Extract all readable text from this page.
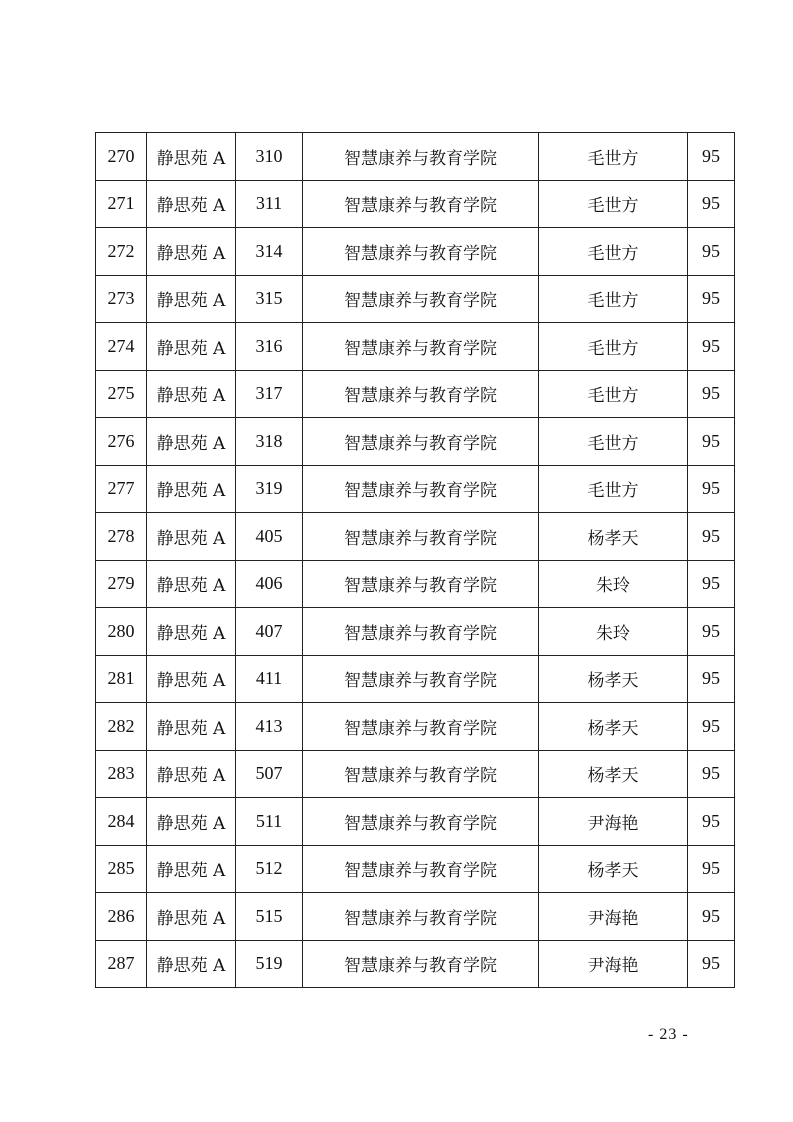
270	静思苑 A	310	智慧康养与教育学院	毛世方	95
271	静思苑 A	311	智慧康养与教育学院	毛世方	95
272	静思苑 A	314	智慧康养与教育学院	毛世方	95
273	静思苑 A	315	智慧康养与教育学院	毛世方	95
274	静思苑 A	316	智慧康养与教育学院	毛世方	95
275	静思苑 A	317	智慧康养与教育学院	毛世方	95
276	静思苑 A	318	智慧康养与教育学院	毛世方	95
277	静思苑 A	319	智慧康养与教育学院	毛世方	95
278	静思苑 A	405	智慧康养与教育学院	杨孝天	95
279	静思苑 A	406	智慧康养与教育学院	朱玲	95
280	静思苑 A	407	智慧康养与教育学院	朱玲	95
281	静思苑 A	411	智慧康养与教育学院	杨孝天	95
282	静思苑 A	413	智慧康养与教育学院	杨孝天	95
283	静思苑 A	507	智慧康养与教育学院	杨孝天	95
284	静思苑 A	511	智慧康养与教育学院	尹海艳	95
285	静思苑 A	512	智慧康养与教育学院	杨孝天	95
286	静思苑 A	515	智慧康养与教育学院	尹海艳	95
287	静思苑 A	519	智慧康养与教育学院	尹海艳	95
- 23 -
